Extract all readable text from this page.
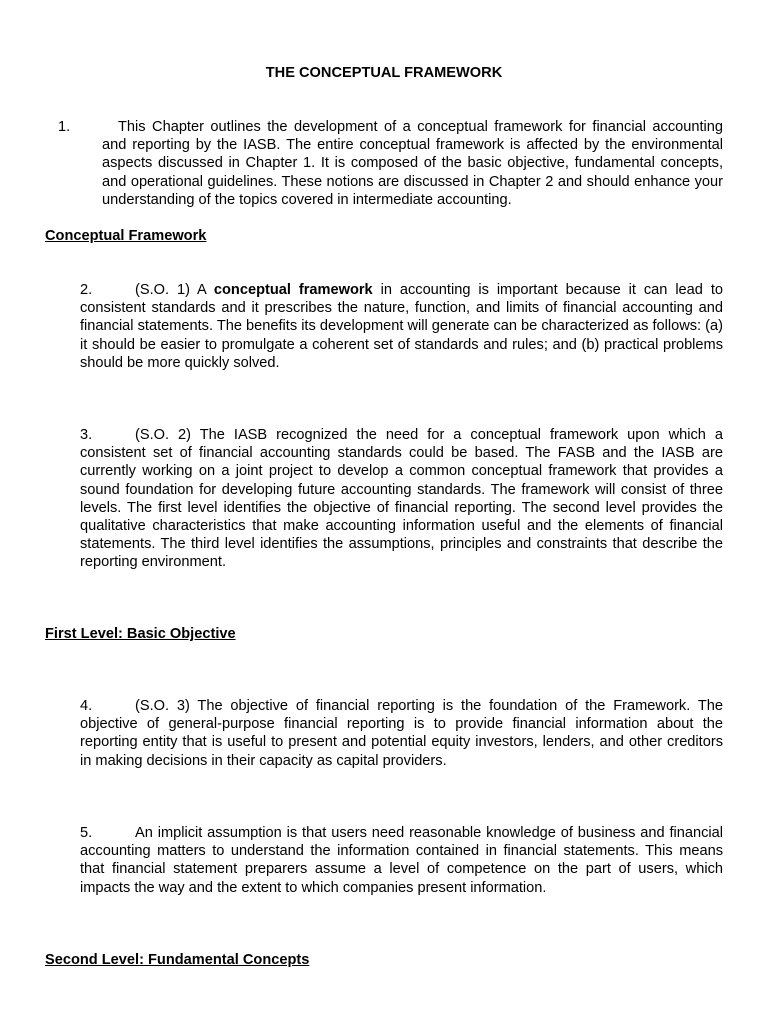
THE CONCEPTUAL FRAMEWORK

1.	This Chapter outlines the development of a conceptual framework for financial accounting and reporting by the IASB. The entire conceptual framework is affected by the environmental aspects discussed in Chapter 1. It is composed of the basic objective, fundamental concepts, and operational guidelines. These notions are discussed in Chapter 2 and should enhance your understanding of the topics covered in intermediate accounting.

Conceptual Framework

2.	(S.O. 1) A conceptual framework in accounting is important because it can lead to consistent standards and it prescribes the nature, function, and limits of financial accounting and financial statements. The benefits its development will generate can be characterized as follows: (a) it should be easier to promulgate a coherent set of standards and rules; and (b) practical problems should be more quickly solved.

3.	(S.O. 2) The IASB recognized the need for a conceptual framework upon which a consistent set of financial accounting standards could be based. The FASB and the IASB are currently working on a joint project to develop a common conceptual framework that provides a sound foundation for developing future accounting standards. The framework will consist of three levels. The first level identifies the objective of financial reporting. The second level provides the qualitative characteristics that make accounting information useful and the elements of financial statements. The third level identifies the assumptions, principles and constraints that describe the reporting environment.

First Level: Basic Objective

4.	(S.O. 3) The objective of financial reporting is the foundation of the Framework. The objective of general-purpose financial reporting is to provide financial information about the reporting entity that is useful to present and potential equity investors, lenders, and other creditors in making decisions in their capacity as capital providers.

5.	An implicit assumption is that users need reasonable knowledge of business and financial accounting matters to understand the information contained in financial statements. This means that financial statement preparers assume a level of competence on the part of users, which impacts the way and the extent to which companies present information.

Second Level: Fundamental Concepts
